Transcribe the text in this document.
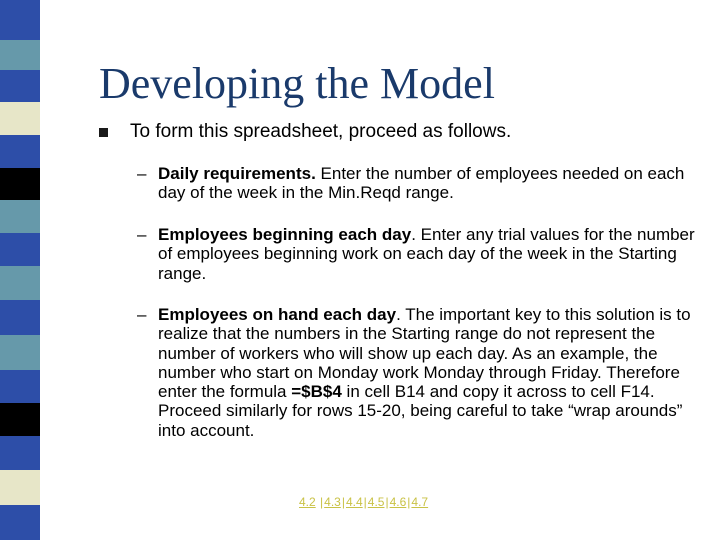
Developing the Model
To form this spreadsheet, proceed as follows.
– Daily requirements. Enter the number of employees needed on each day of the week in the Min.Reqd range.
– Employees beginning each day. Enter any trial values for the number of employees beginning work on each day of the week in the Starting range.
– Employees on hand each day. The important key to this solution is to realize that the numbers in the Starting range do not represent the number of workers who will show up each day. As an example, the number who start on Monday work Monday through Friday. Therefore enter the formula =$B$4 in cell B14 and copy it across to cell F14. Proceed similarly for rows 15-20, being careful to take “wrap arounds” into account.
4.2 |4.3|4.4|4.5|4.6|4.7
